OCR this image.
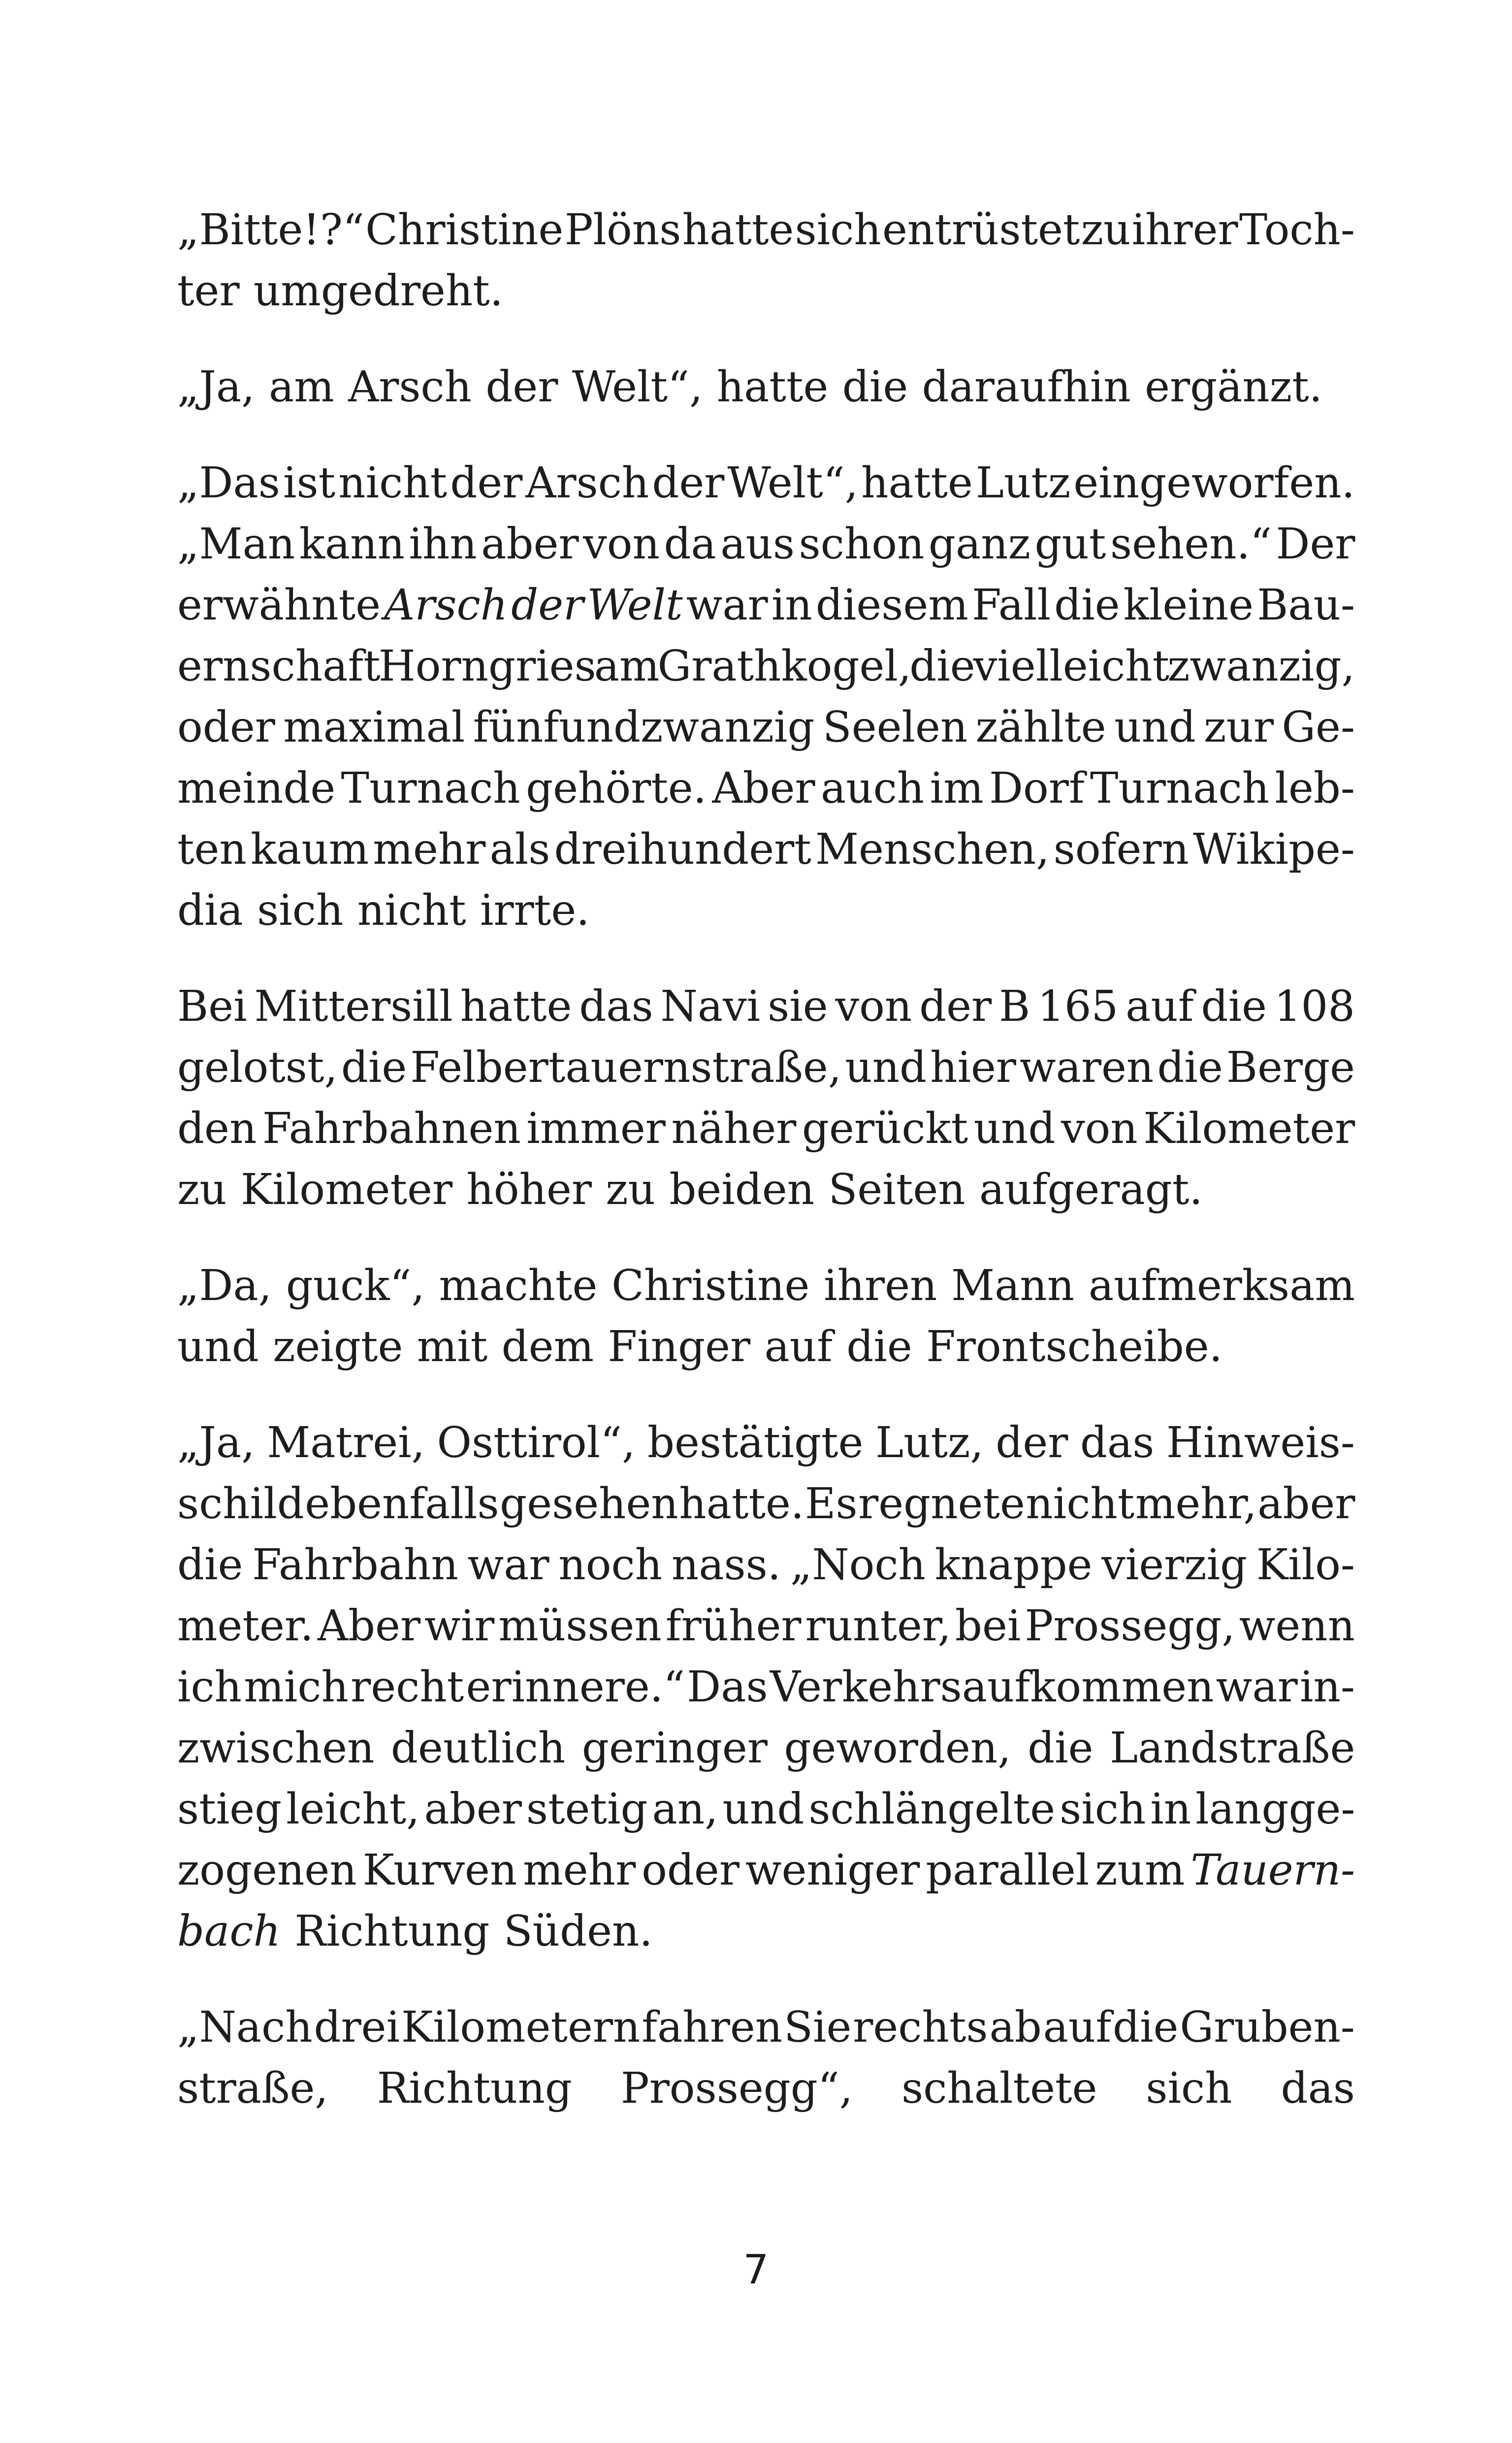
„Bitte!?“ Christine Plöns hatte sich entrüstet zu ihrer Toch-
ter umgedreht.

„Ja, am Arsch der Welt“, hatte die daraufhin ergänzt.

„Das ist nicht der Arsch der Welt“, hatte Lutz eingeworfen.
„Man kann ihn aber von da aus schon ganz gut sehen.“ Der
erwähnte Arsch der Welt war in diesem Fall die kleine Bau-
ernschaft Horngries am Grathkogel, die vielleicht zwanzig,
oder maximal fünfundzwanzig Seelen zählte und zur Ge-
meinde Turnach gehörte. Aber auch im Dorf Turnach leb-
ten kaum mehr als dreihundert Menschen, sofern Wikipe-
dia sich nicht irrte.

Bei Mittersill hatte das Navi sie von der B 165 auf die 108
gelotst, die Felbertauernstraße, und hier waren die Berge
den Fahrbahnen immer näher gerückt und von Kilometer
zu Kilometer höher zu beiden Seiten aufgeragt.

„Da, guck“, machte Christine ihren Mann aufmerksam
und zeigte mit dem Finger auf die Frontscheibe.

„Ja, Matrei, Osttirol“, bestätigte Lutz, der das Hinweis-
schild ebenfalls gesehen hatte. Es regnete nicht mehr, aber
die Fahrbahn war noch nass. „Noch knappe vierzig Kilo-
meter. Aber wir müssen früher runter, bei Prossegg, wenn
ich mich recht erinnere.“ Das Verkehrsaufkommen war in-
zwischen deutlich geringer geworden, die Landstraße
stieg leicht, aber stetig an, und schlängelte sich in langge-
zogenen Kurven mehr oder weniger parallel zum Tauern-
bach Richtung Süden.

„Nach drei Kilometern fahren Sie rechts ab auf die Gruben-
straße, Richtung Prossegg“, schaltete sich das

7
